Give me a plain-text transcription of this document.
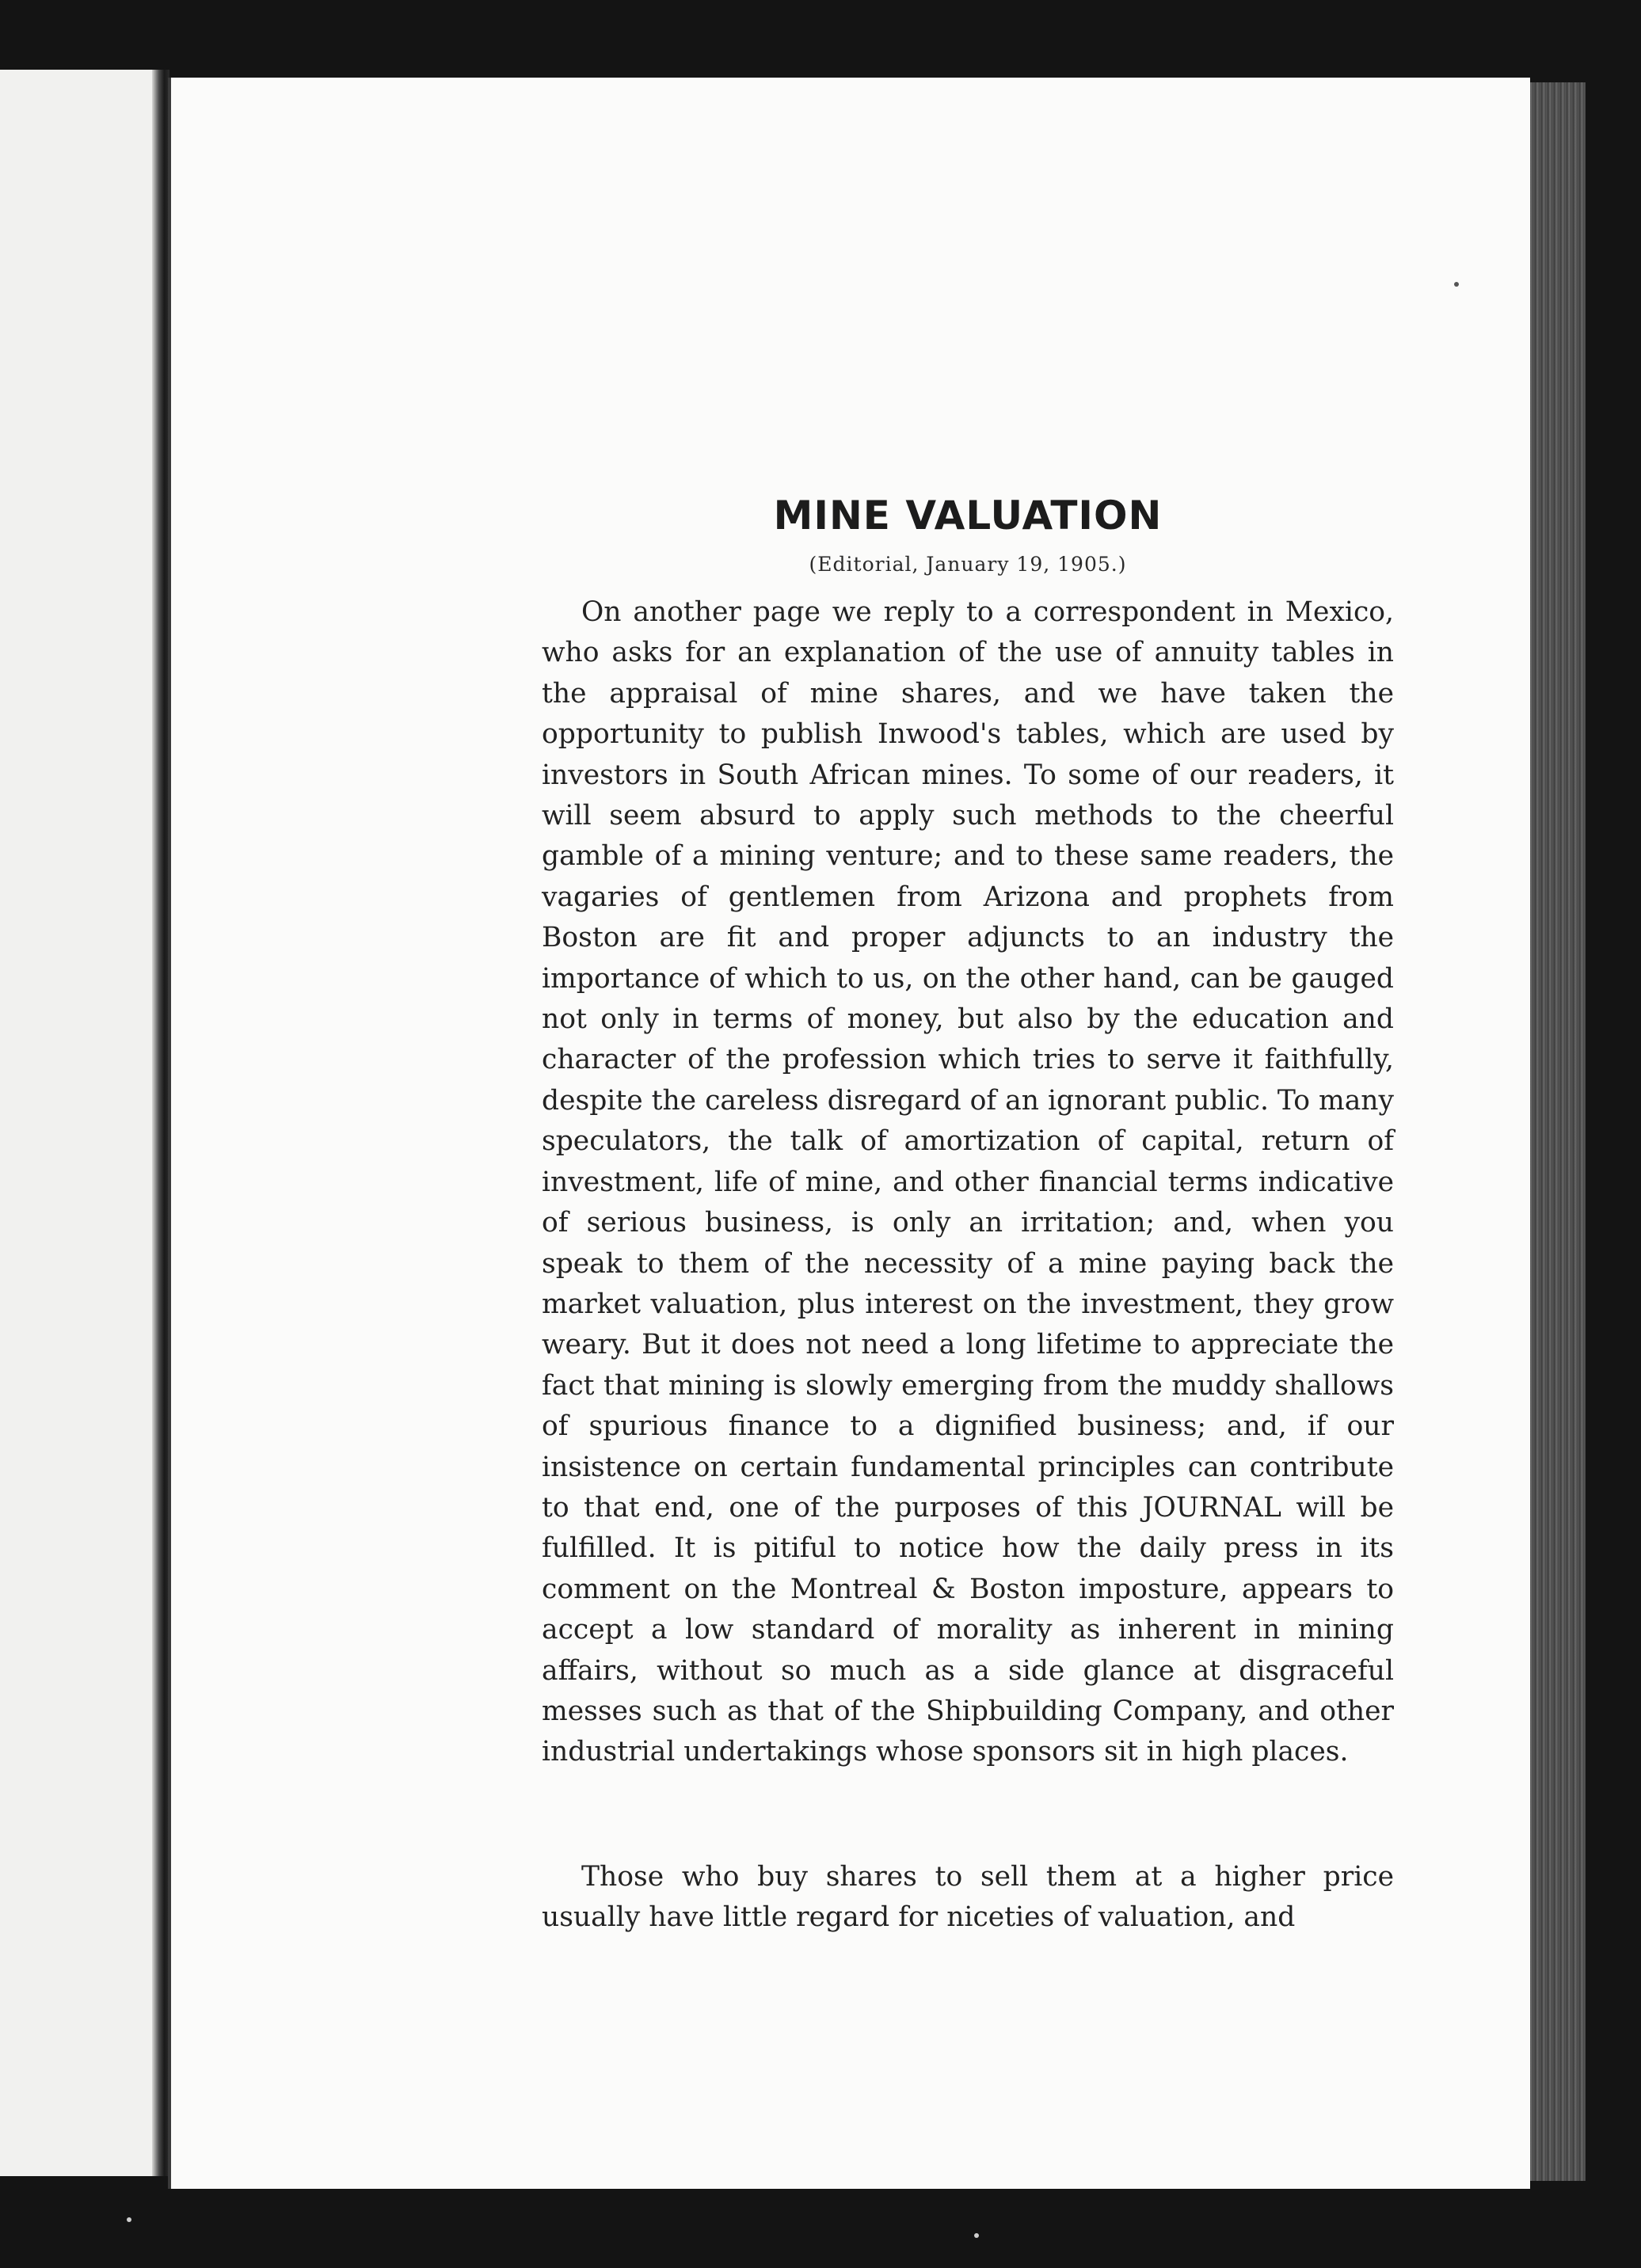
MINE VALUATION

(Editorial, January 19, 1905.)

On another page we reply to a correspondent in Mexico, who asks for an explanation of the use of annuity tables in the appraisal of mine shares, and we have taken the opportunity to publish Inwood's tables, which are used by investors in South African mines. To some of our readers, it will seem absurd to apply such methods to the cheerful gamble of a mining venture; and to these same readers, the vagaries of gentlemen from Arizona and prophets from Boston are fit and proper adjuncts to an industry the importance of which to us, on the other hand, can be gauged not only in terms of money, but also by the education and character of the profession which tries to serve it faithfully, despite the careless disregard of an ignorant public. To many speculators, the talk of amortization of capital, return of investment, life of mine, and other financial terms indicative of serious business, is only an irritation; and, when you speak to them of the necessity of a mine paying back the market valuation, plus interest on the investment, they grow weary. But it does not need a long lifetime to appreciate the fact that mining is slowly emerging from the muddy shallows of spurious finance to a dignified business; and, if our insistence on certain fundamental principles can contribute to that end, one of the purposes of this JOURNAL will be fulfilled. It is pitiful to notice how the daily press in its comment on the Montreal & Boston imposture, appears to accept a low standard of morality as inherent in mining affairs, without so much as a side glance at disgraceful messes such as that of the Shipbuilding Company, and other industrial undertakings whose sponsors sit in high places.

Those who buy shares to sell them at a higher price usually have little regard for niceties of valuation, and
